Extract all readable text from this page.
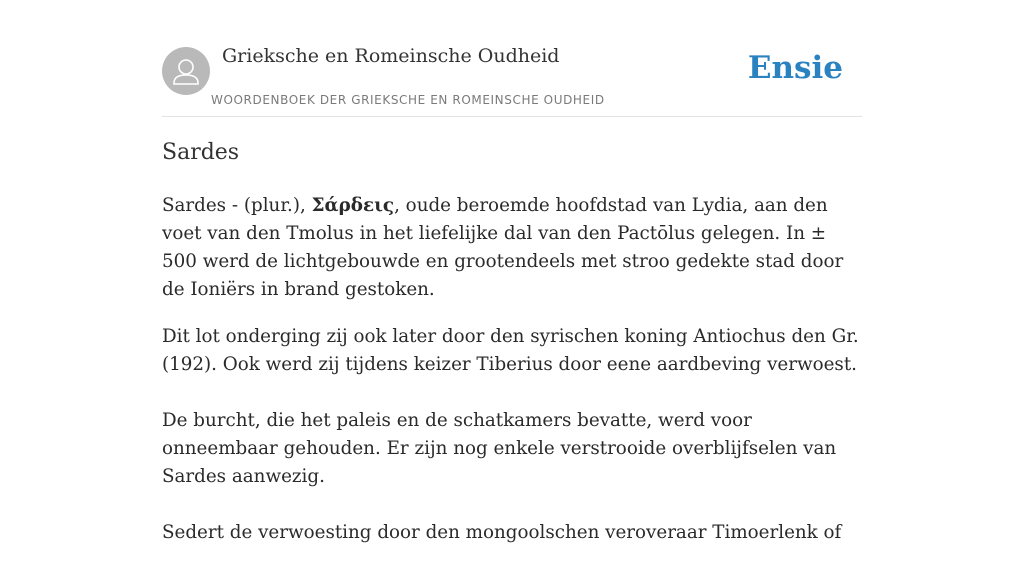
Grieksche en Romeinsche Oudheid
WOORDENBOEK DER GRIEKSCHE EN ROMEINSCHE OUDHEID
Ensie
Sardes

Sardes - (plur.), Σάρδεις, oude beroemde hoofdstad van Lydia, aan den voet van den Tmolus in het liefelijke dal van den Pactōlus gelegen. In ± 500 werd de lichtgebouwde en grootendeels met stroo gedekte stad door de Ioniërs in brand gestoken.

Dit lot onderging zij ook later door den syrischen koning Antiochus den Gr. (192). Ook werd zij tijdens keizer Tiberius door eene aardbeving verwoest.

De burcht, die het paleis en de schatkamers bevatte, werd voor onneembaar gehouden. Er zijn nog enkele verstrooide overblijfselen van Sardes aanwezig.

Sedert de verwoesting door den mongoolschen veroveraar Timoerlenk of
